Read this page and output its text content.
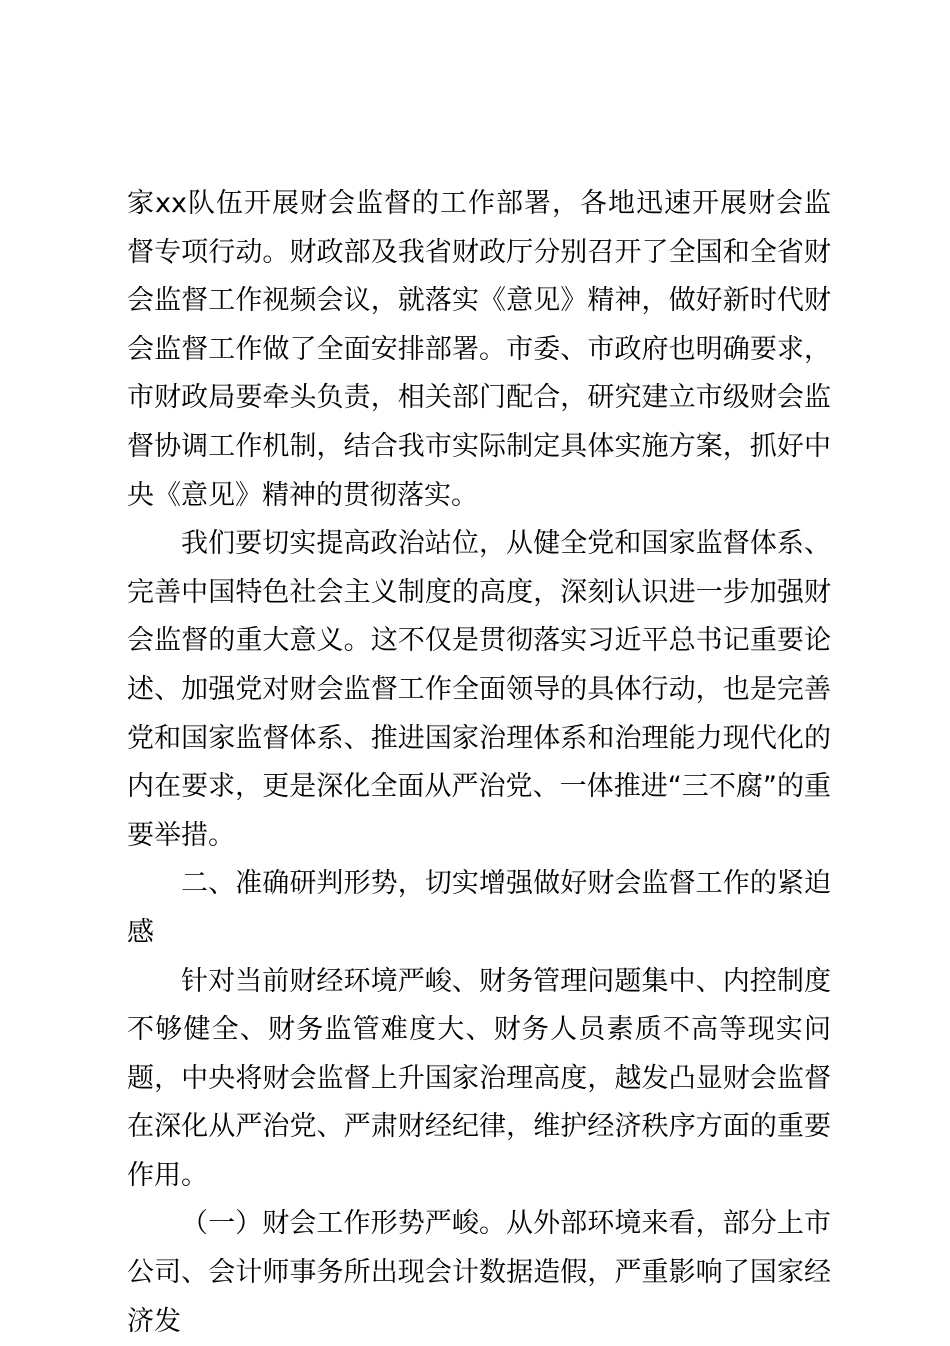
家xx队伍开展财会监督的工作部署，各地迅速开展财会监督专项行动。财政部及我省财政厅分别召开了全国和全省财会监督工作视频会议，就落实《意见》精神，做好新时代财会监督工作做了全面安排部署。市委、市政府也明确要求，市财政局要牵头负责，相关部门配合，研究建立市级财会监督协调工作机制，结合我市实际制定具体实施方案，抓好中央《意见》精神的贯彻落实。

我们要切实提高政治站位，从健全党和国家监督体系、完善中国特色社会主义制度的高度，深刻认识进一步加强财会监督的重大意义。这不仅是贯彻落实习近平总书记重要论述、加强党对财会监督工作全面领导的具体行动，也是完善党和国家监督体系、推进国家治理体系和治理能力现代化的内在要求，更是深化全面从严治党、一体推进“三不腐”的重要举措。

二、准确研判形势，切实增强做好财会监督工作的紧迫感

针对当前财经环境严峻、财务管理问题集中、内控制度不够健全、财务监管难度大、财务人员素质不高等现实问题，中央将财会监督上升国家治理高度，越发凸显财会监督在深化从严治党、严肃财经纪律，维护经济秩序方面的重要作用。

（一）财会工作形势严峻。从外部环境来看，部分上市公司、会计师事务所出现会计数据造假，严重影响了国家经济发
